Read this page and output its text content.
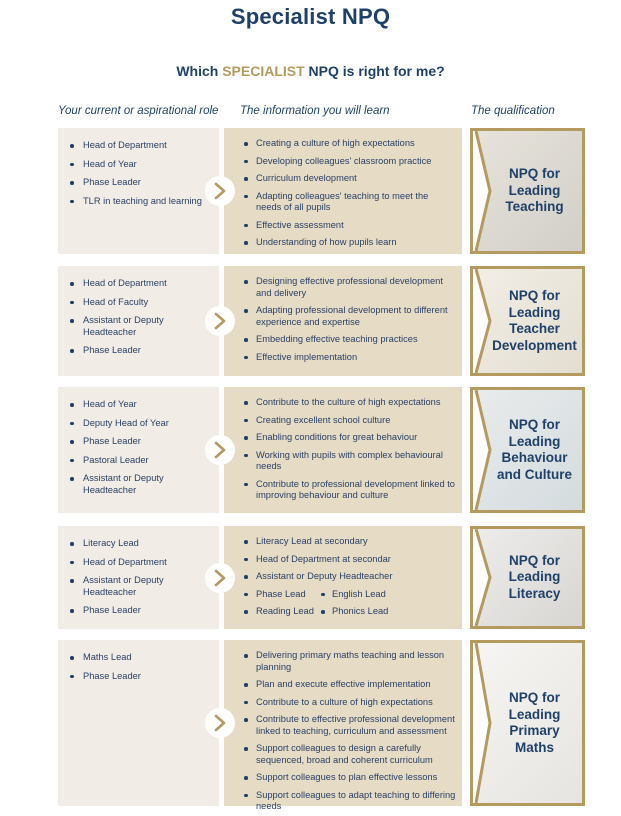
Specialist NPQ
Which SPECIALIST NPQ is right for me?
Your current or aspirational role The information you will learn	The qualification
Head of Department
Head of Year
Phase Leader
TLR in teaching and learning
Creating a culture of high expectations
Developing colleagues' classroom practice
Curriculum development
Adapting colleagues' teaching to meet the needs of all pupils
Effective assessment
Understanding of how pupils learn
NPQ for Leading Teaching
Head of Department
Head of Faculty
Assistant or Deputy Headteacher
Phase Leader
Designing effective professional development and delivery
Adapting professional development to different experience and expertise
Embedding effective teaching practices
Effective implementation
NPQ for Leading Teacher Development
Head of Year
Deputy Head of Year
Phase Leader
Pastoral Leader
Assistant or Deputy Headteacher
Contribute to the culture of high expectations
Creating excellent school culture
Enabling conditions for great behaviour
Working with pupils with complex behavioural needs
Contribute to professional development linked to improving behaviour and culture
NPQ for Leading Behaviour and Culture
Literacy Lead
Head of Department
Assistant or Deputy Headteacher
Phase Leader
Literacy Lead at secondary
Head of Department at secondar
Assistant or Deputy Headteacher
Phase Lead
Reading Lead
English Lead
Phonics Lead
NPQ for Leading Literacy
Maths Lead
Phase Leader
Delivering primary maths teaching and lesson planning
Plan and execute effective implementation
Contribute to a culture of high expectations
Contribute to effective professional development linked to teaching, curriculum and assessment
Support colleagues to design a carefully sequenced, broad and coherent curriculum
Support colleagues to plan effective lessons
Support colleagues to adapt teaching to differing needs
NPQ for Leading Primary Maths
